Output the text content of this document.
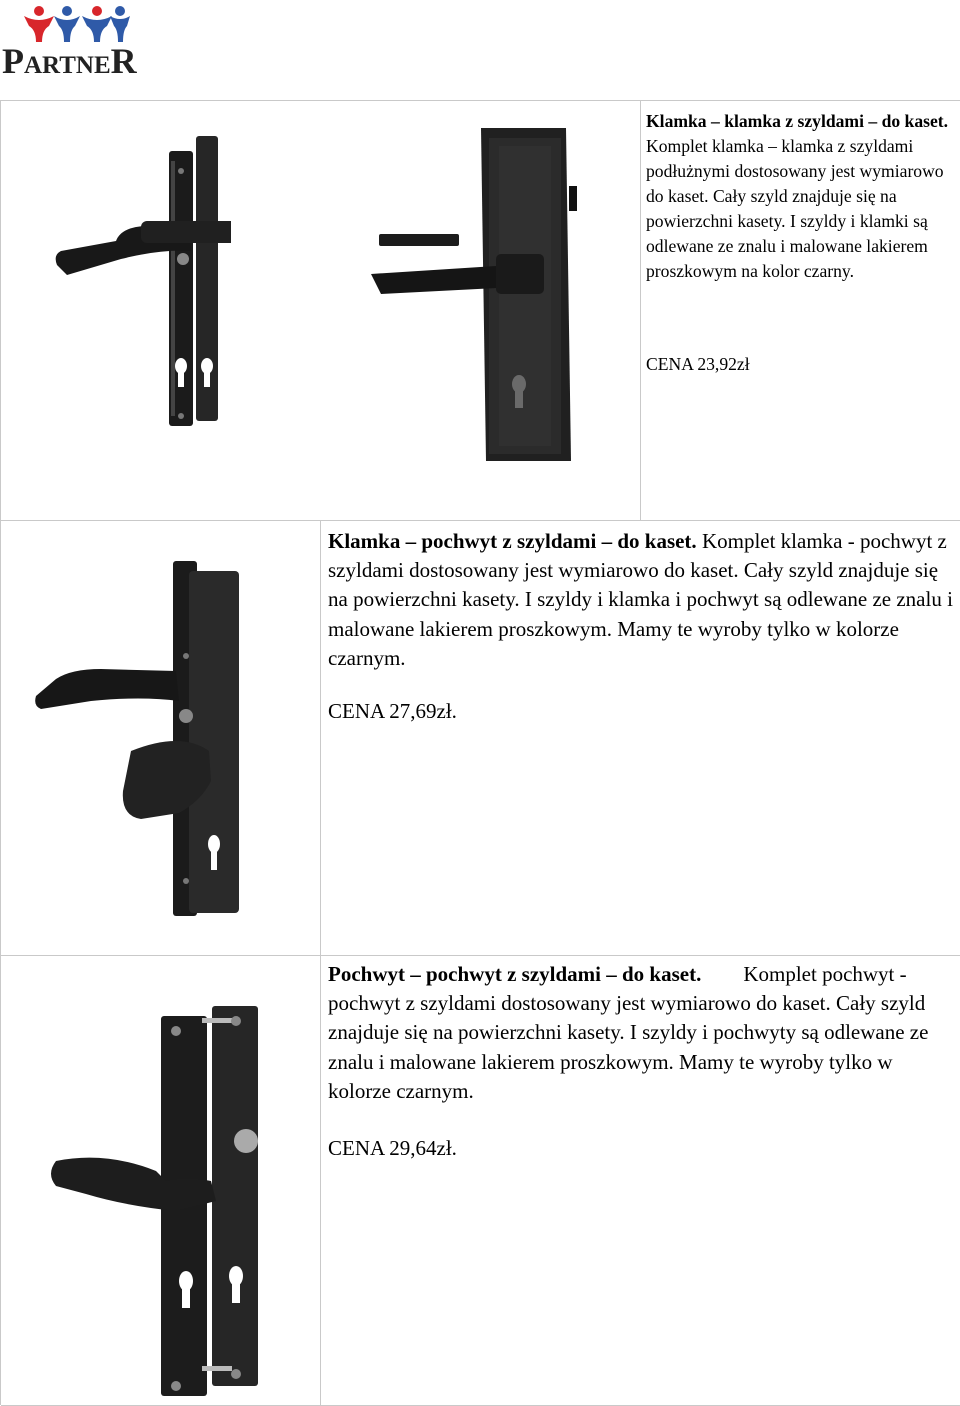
PARTNER
Klamka – klamka z szyldami – do kaset. Komplet klamka – klamka z szyldami podłużnymi dostosowany jest wymiarowo do kaset. Cały szyld znajduje się na powierzchni kasety. I szyldy i klamki są odlewane ze znalu i malowane lakierem proszkowym na kolor czarny.
CENA 23,92zł
Klamka – pochwyt z szyldami – do kaset. Komplet klamka - pochwyt z szyldami dostosowany jest wymiarowo do kaset. Cały szyld znajduje się na powierzchni kasety. I szyldy i klamka i pochwyt są odlewane ze znalu i malowane lakierem proszkowym. Mamy te wyroby tylko w kolorze czarnym.
CENA 27,69zł.
Pochwyt – pochwyt z szyldami – do kaset.        Komplet pochwyt - pochwyt z szyldami dostosowany jest wymiarowo do kaset. Cały szyld znajduje się na powierzchni kasety. I szyldy i pochwyty są odlewane ze znalu i malowane lakierem proszkowym. Mamy te wyroby tylko w kolorze czarnym.
CENA 29,64zł.
